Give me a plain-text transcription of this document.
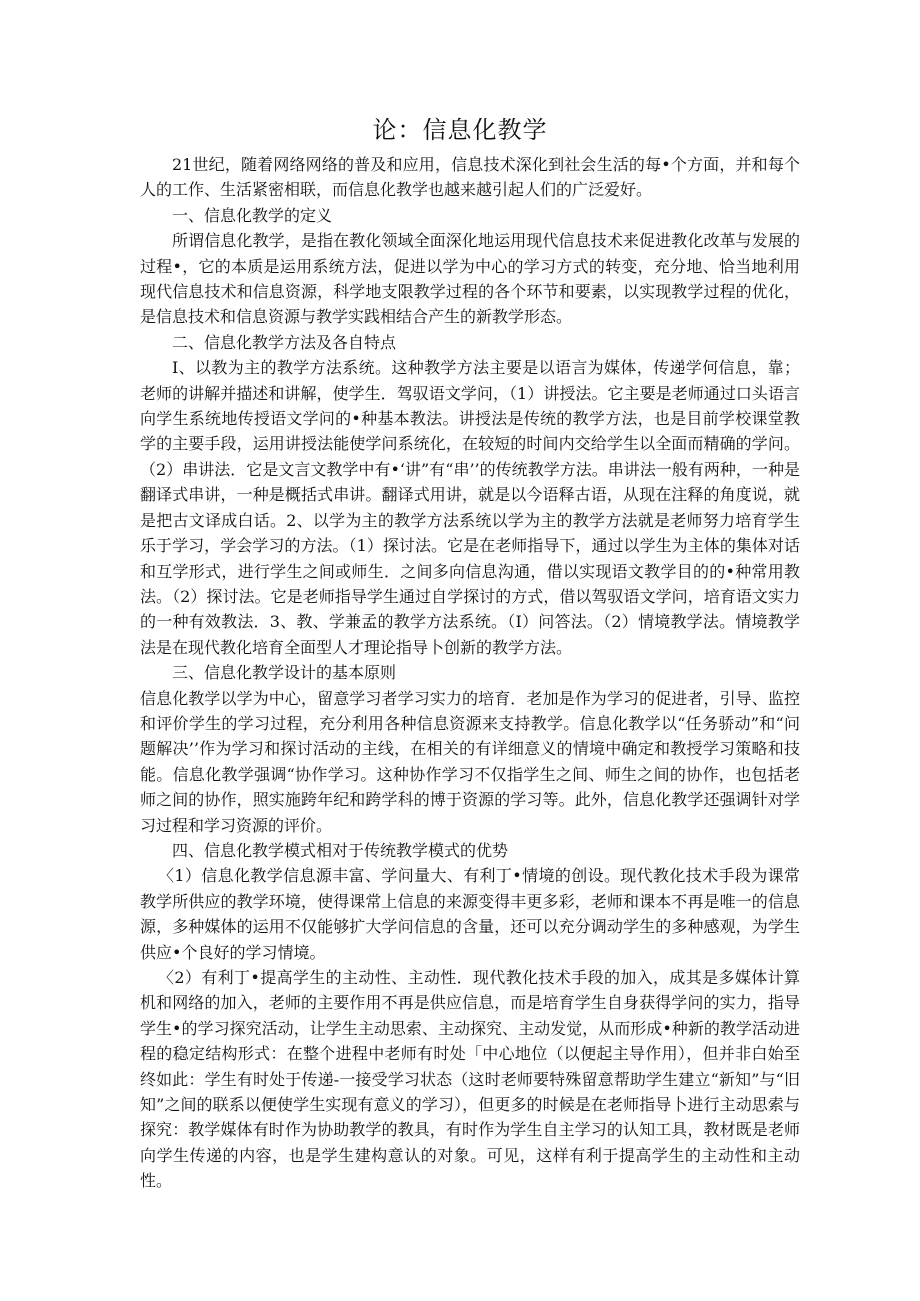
论：信息化教学

21世纪，随着网络网络的普及和应用，信息技术深化到社会生活的每•个方面，并和每个人的工作、生活紧密相联，而信息化教学也越来越引起人们的广泛爱好。

一、信息化教学的定义

所谓信息化教学，是指在教化领域全面深化地运用现代信息技术来促进教化改革与发展的过程•，它的本质是运用系统方法，促进以学为中心的学习方式的转变，充分地、恰当地利用现代信息技术和信息资源，科学地支限教学过程的各个环节和要素，以实现教学过程的优化，是信息技术和信息资源与教学实践相结合产生的新教学形态。

二、信息化教学方法及各自特点

Ⅰ、以教为主的教学方法系统。这种教学方法主要是以语言为媒体，传递学何信息，靠；老师的讲解并描述和讲解，使学生．驾驭语文学问，（1）讲授法。它主要是老师通过口头语言向学生系统地传授语文学问的•种基本教法。讲授法是传统的教学方法，也是目前学校课堂教学的主要手段，运用讲授法能使学问系统化，在较短的时间内交给学生以全面而精确的学问。（2）串讲法．它是文言文教学中有•‘讲”有“串’’的传统教学方法。串讲法一般有两种，一种是翻译式串讲，一种是概括式串讲。翻译式用讲，就是以今语释古语，从现在注释的角度说，就是把古文译成白话。2、以学为主的教学方法系统以学为主的教学方法就是老师努力培育学生乐于学习，学会学习的方法。（1）探讨法。它是在老师指导下，通过以学生为主体的集体对话和互学形式，进行学生之间或师生．之间多向信息沟通，借以实现语文教学目的的•种常用教法。（2）探讨法。它是老师指导学生通过自学探讨的方式，借以驾驭语文学问，培育语文实力的一种有效教法．3、教、学兼孟的教学方法系统。（Ⅰ）问答法。（2）情境教学法。情境教学法是在现代教化培育全面型人才理论指导卜创新的教学方法。

三、信息化教学设计的基本原则

信息化教学以学为中心，留意学习者学习实力的培育．老加是作为学习的促进者，引导、监控和评价学生的学习过程，充分利用各种信息资源来支持教学。信息化教学以“任务骄动”和“问题解决’’作为学习和探讨活动的主线，在相关的有详细意义的情境中确定和教授学习策略和技能。信息化教学强调“协作学习。这种协作学习不仅指学生之间、师生之间的协作，也包括老师之间的协作，照实施跨年纪和跨学科的博于资源的学习等。此外，信息化教学还强调针对学习过程和学习资源的评价。

四、信息化教学模式相对于传统教学模式的优势

〈1）信息化教学信息源丰富、学问量大、有利丁•情境的创设。现代教化技术手段为课常教学所供应的教学环境，使得课常上信息的来源变得丰更多彩，老师和课本不再是唯一的信息源，多种媒体的运用不仅能够扩大学问信息的含量，还可以充分调动学生的多种感观，为学生供应•个良好的学习情境。

〈2）有利丁•提高学生的主动性、主动性．现代教化技术手段的加入，成其是多媒体计算机和网络的加入，老师的主要作用不再是供应信息，而是培育学生自身获得学问的实力，指导学生•的学习探究活动，让学生主动思索、主动探究、主动发觉，从而形成•种新的教学活动进程的稳定结构形式：在整个进程中老师有时处「中心地位（以便起主导作用），但并非白始至终如此：学生有时处于传递-一接受学习状态（这时老师要特殊留意帮助学生建立“新知”与“旧知”之间的联系以便使学生实现有意义的学习），但更多的时候是在老师指导卜进行主动思索与探究：教学媒体有时作为协助教学的教具，有时作为学生自主学习的认知工具，教材既是老师向学生传递的内容，也是学生建构意认的对象。可见，这样有利于提高学生的主动性和主动性。
